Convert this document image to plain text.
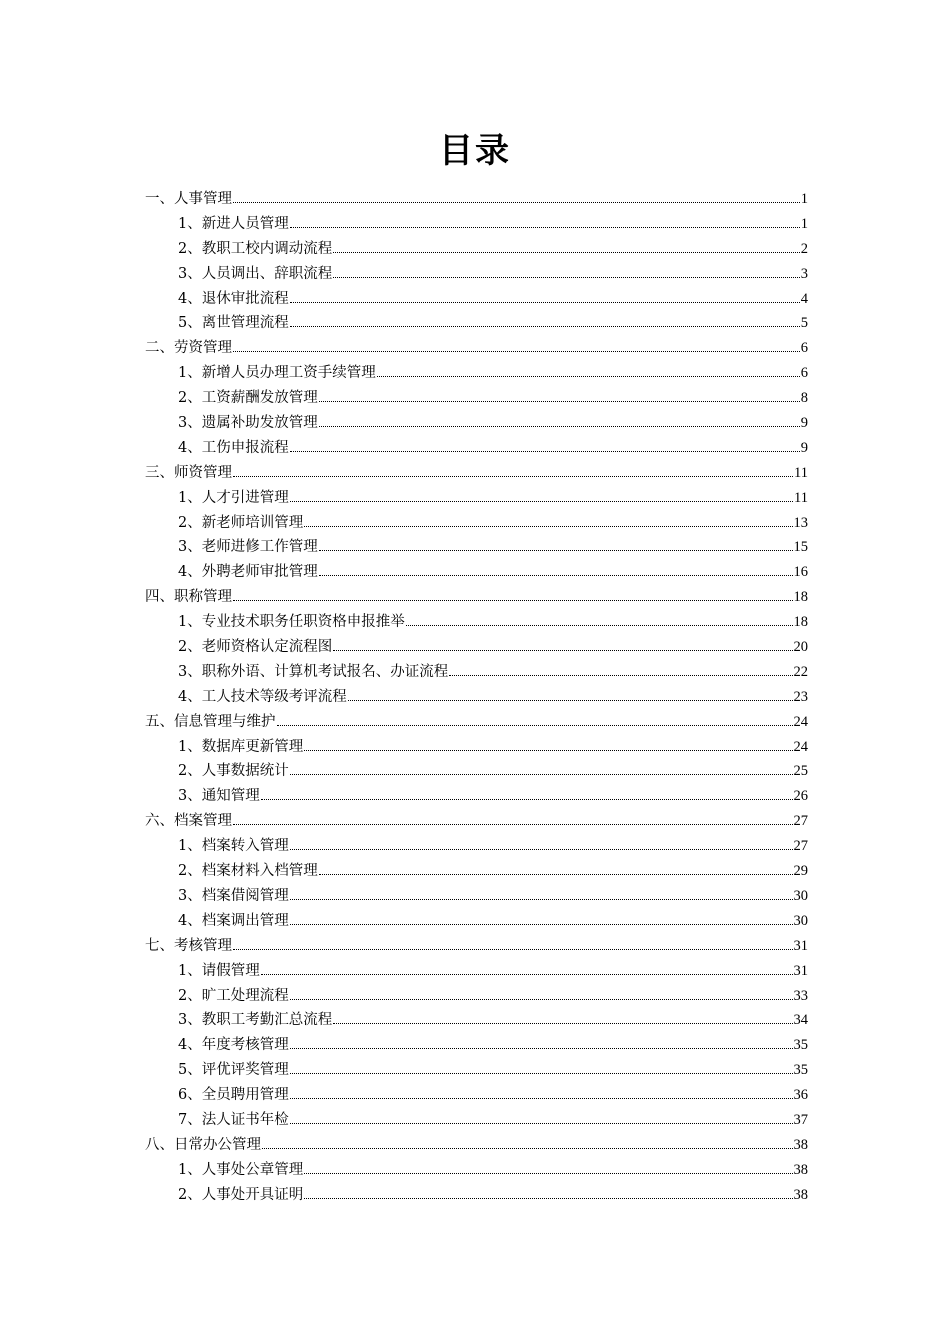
目录
一、人事管理	1
1、新进人员管理	1
2、教职工校内调动流程	2
3、人员调出、辞职流程	3
4、退休审批流程	4
5、离世管理流程	5
二、劳资管理	6
1、新增人员办理工资手续管理	6
2、工资薪酬发放管理	8
3、遗属补助发放管理	9
4、工伤申报流程	9
三、师资管理	11
1、人才引进管理	11
2、新老师培训管理	13
3、老师进修工作管理	15
4、外聘老师审批管理	16
四、职称管理	18
1、专业技术职务任职资格申报推举	18
2、老师资格认定流程图	20
3、职称外语、计算机考试报名、办证流程	22
4、工人技术等级考评流程	23
五、信息管理与维护	24
1、数据库更新管理	24
2、人事数据统计	25
3、通知管理	26
六、档案管理	27
1、档案转入管理	27
2、档案材料入档管理	29
3、档案借阅管理	30
4、档案调出管理	30
七、考核管理	31
1、请假管理	31
2、旷工处理流程	33
3、教职工考勤汇总流程	34
4、年度考核管理	35
5、评优评奖管理	35
6、全员聘用管理	36
7、法人证书年检	37
八、日常办公管理	38
1、人事处公章管理	38
2、人事处开具证明	38
